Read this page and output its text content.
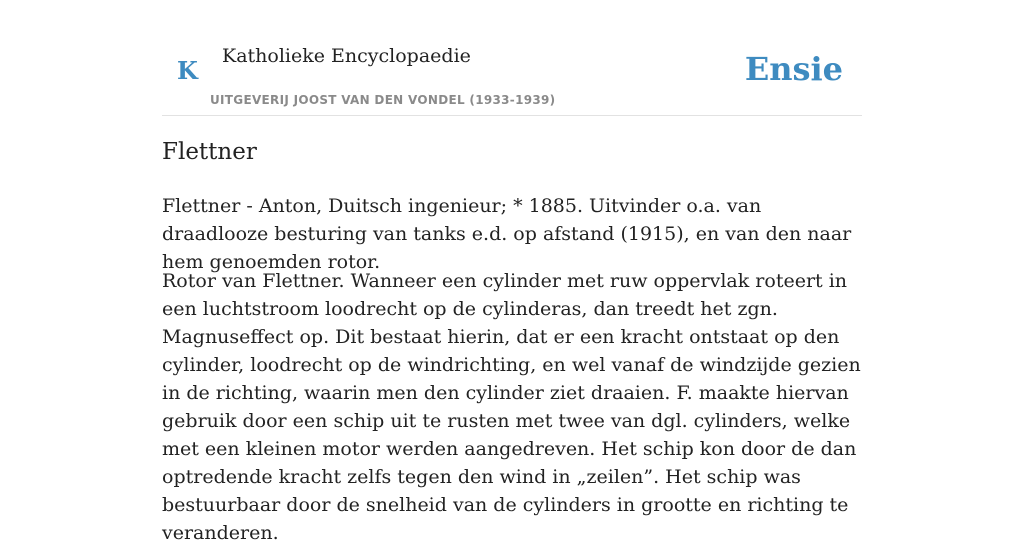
K Katholieke Encyclopaedie
UITGEVERIJ JOOST VAN DEN VONDEL (1933-1939)
Ensie
Flettner

Flettner - Anton, Duitsch ingenieur; * 1885. Uitvinder o.a. van draadlooze besturing van tanks e.d. op afstand (1915), en van den naar hem genoemden rotor.

Rotor van Flettner. Wanneer een cylinder met ruw oppervlak roteert in een luchtstroom loodrecht op de cylinderas, dan treedt het zgn. Magnuseffect op. Dit bestaat hierin, dat er een kracht ontstaat op den cylinder, loodrecht op de windrichting, en wel vanaf de windzijde gezien in de richting, waarin men den cylinder ziet draaien. F. maakte hiervan gebruik door een schip uit te rusten met twee van dgl. cylinders, welke met een kleinen motor werden aangedreven. Het schip kon door de dan optredende kracht zelfs tegen den wind in „zeilen”. Het schip was bestuurbaar door de snelheid van de cylinders in grootte en richting te veranderen.
